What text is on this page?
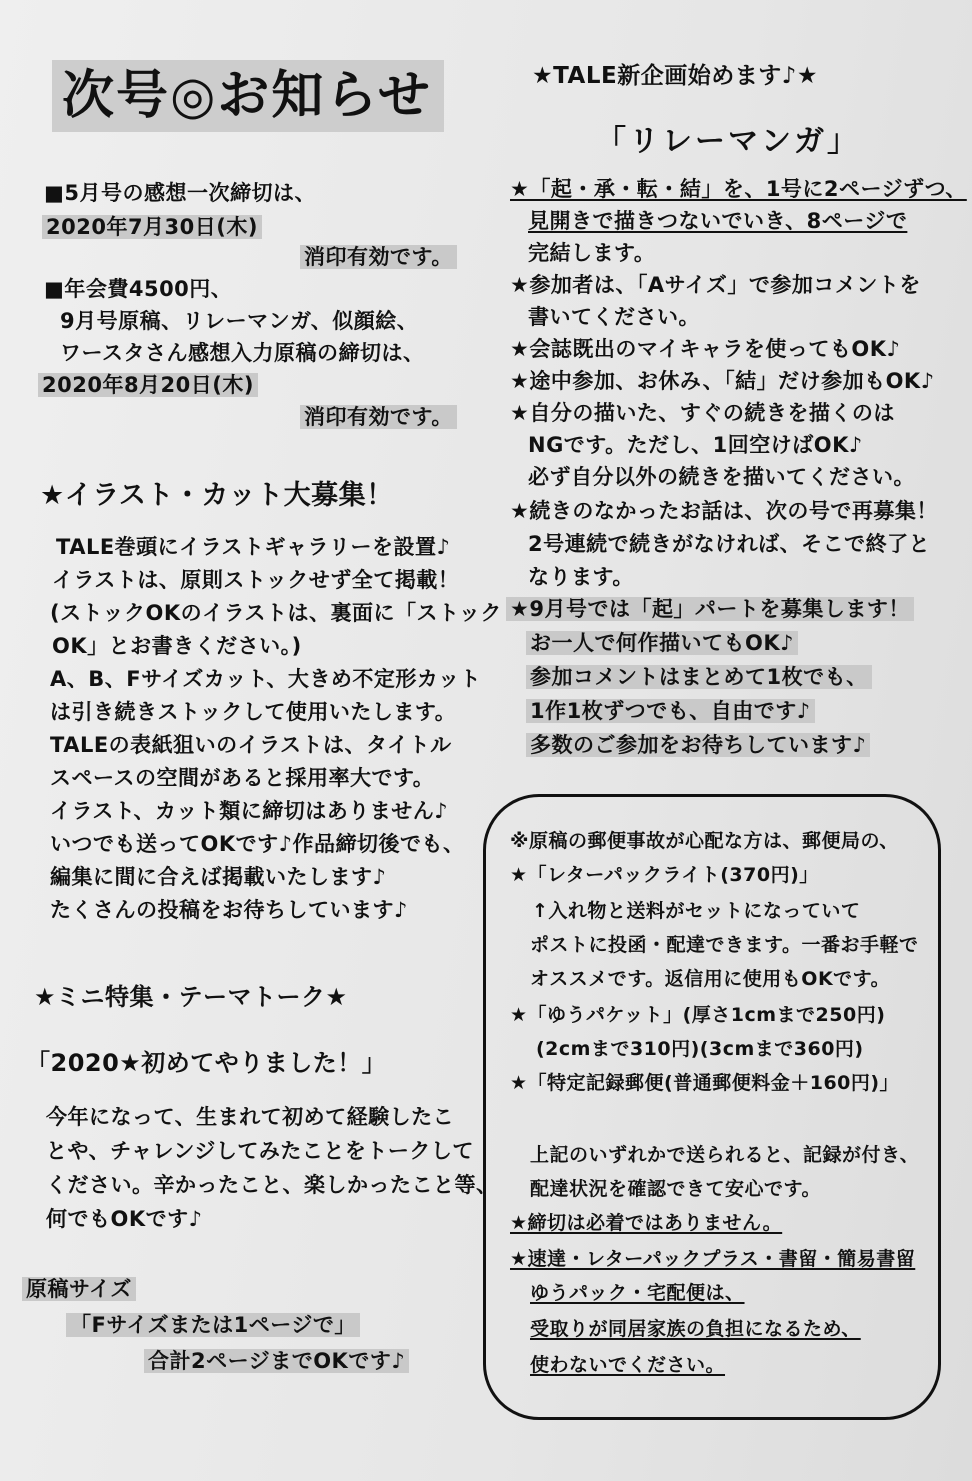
次号◎お知らせ
■5月号の感想一次締切は、
2020年7月30日(木)
消印有効です。
■年会費4500円、
9月号原稿、リレーマンガ、似顔絵、
ワースタさん感想入力原稿の締切は、
2020年8月20日(木)
消印有効です。
★イラスト・カット大募集！
TALE巻頭にイラストギャラリーを設置♪
イラストは、原則ストックせず全て掲載！
(ストックOKのイラストは、裏面に「ストック
OK」とお書きください。)
A、B、Fサイズカット、大きめ不定形カット
は引き続きストックして使用いたします。
TALEの表紙狙いのイラストは、タイトル
スペースの空間があると採用率大です。
イラスト、カット類に締切はありません♪
いつでも送ってOKです♪作品締切後でも、
編集に間に合えば掲載いたします♪
たくさんの投稿をお待ちしています♪
★ミニ特集・テーマトーク★
「2020★初めてやりました！」
今年になって、生まれて初めて経験したこ
とや、チャレンジしてみたことをトークして
ください。辛かったこと、楽しかったこと等、
何でもOKです♪
原稿サイズ
「Fサイズまたは1ページで」
合計2ページまでOKです♪
★TALE新企画始めます♪★
「リレーマンガ」
★「起・承・転・結」を、1号に2ページずつ、
見開きで描きつないでいき、8ページで
完結します。
★参加者は、「Aサイズ」で参加コメントを
書いてください。
★会誌既出のマイキャラを使ってもOK♪
★途中参加、お休み、「結」だけ参加もOK♪
★自分の描いた、すぐの続きを描くのは
NGです。ただし、1回空けばOK♪
必ず自分以外の続きを描いてください。
★続きのなかったお話は、次の号で再募集！
2号連続で続きがなければ、そこで終了と
なります。
★9月号では「起」パートを募集します！
お一人で何作描いてもOK♪
参加コメントはまとめて1枚でも、
1作1枚ずつでも、自由です♪
多数のご参加をお待ちしています♪
※原稿の郵便事故が心配な方は、郵便局の、
★「レターパックライト(370円)」
↑入れ物と送料がセットになっていて
ポストに投函・配達できます。一番お手軽で
オススメです。返信用に使用もOKです。
★「ゆうパケット」(厚さ1cmまで250円)
(2cmまで310円)(3cmまで360円)
★「特定記録郵便(普通郵便料金＋160円)」
上記のいずれかで送られると、記録が付き、
配達状況を確認できて安心です。
★締切は必着ではありません。
★速達・レターパックプラス・書留・簡易書留
ゆうパック・宅配便は、
受取りが同居家族の負担になるため、
使わないでください。
